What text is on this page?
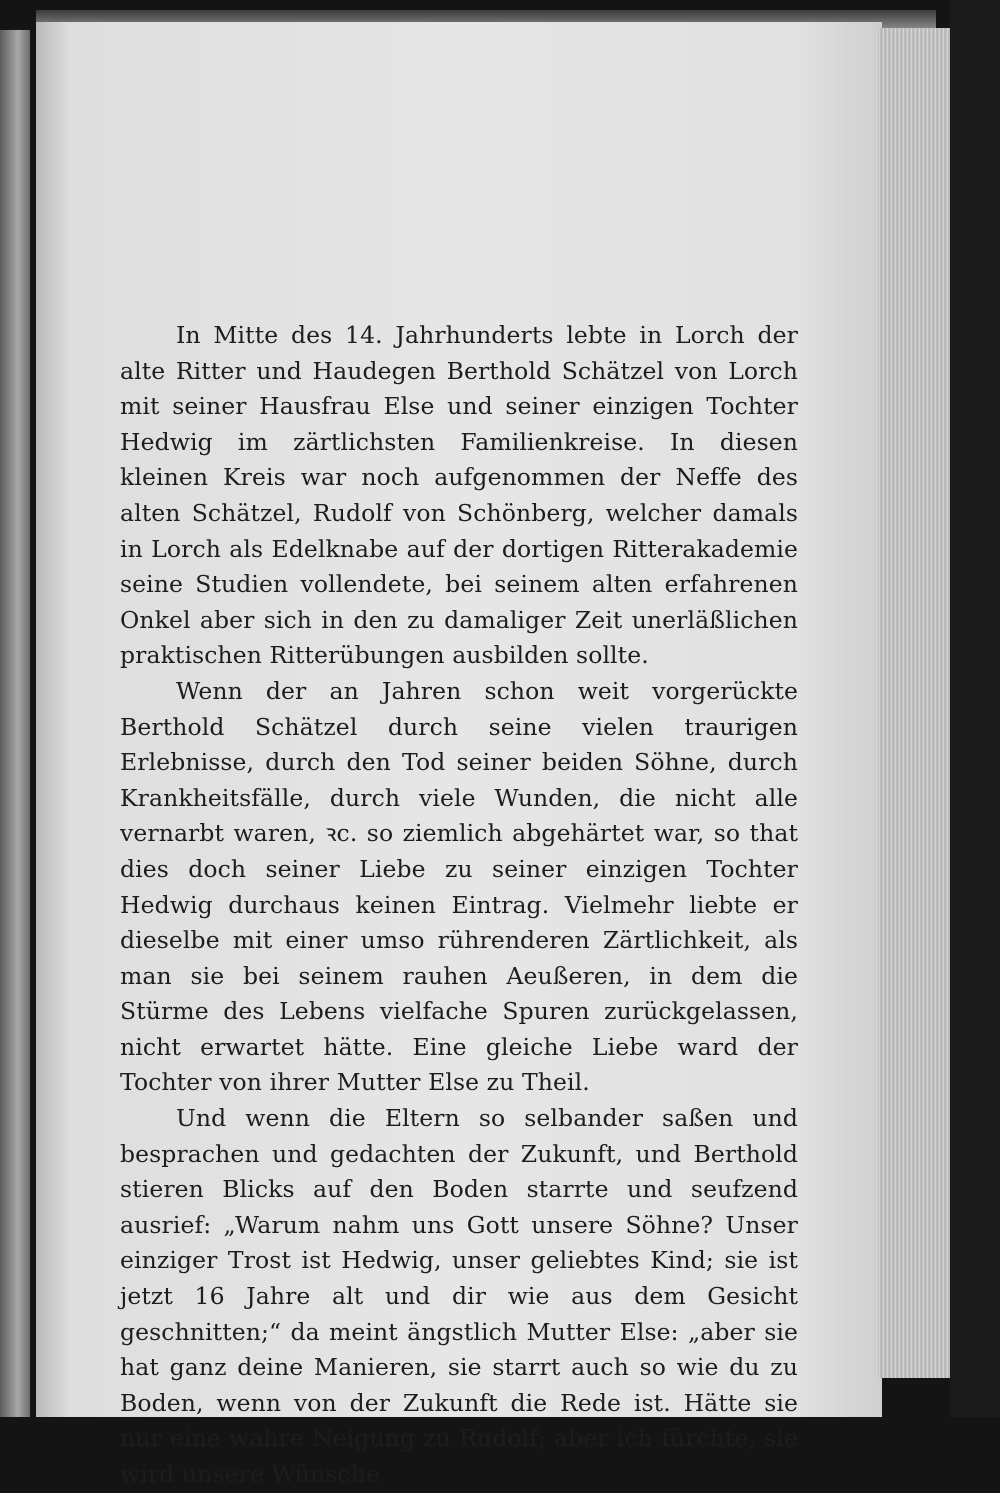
In Mitte des 14. Jahrhunderts lebte in Lorch der alte Ritter und Haudegen Berthold Schätzel von Lorch mit seiner Hausfrau Else und seiner einzigen Tochter Hedwig im zärtlichsten Familienkreise. In diesen kleinen Kreis war noch aufgenommen der Neffe des alten Schätzel, Rudolf von Schönberg, welcher damals in Lorch als Edelknabe auf der dortigen Ritterakademie seine Studien vollendete, bei seinem alten erfahrenen Onkel aber sich in den zu damaliger Zeit unerläßlichen praktischen Ritterübungen ausbilden sollte.

Wenn der an Jahren schon weit vorgerückte Berthold Schätzel durch seine vielen traurigen Erlebnisse, durch den Tod seiner beiden Söhne, durch Krankheitsfälle, durch viele Wunden, die nicht alle vernarbt waren, ꝛc. so ziemlich abgehärtet war, so that dies doch seiner Liebe zu seiner einzigen Tochter Hedwig durchaus keinen Eintrag. Vielmehr liebte er dieselbe mit einer umso rührenderen Zärtlichkeit, als man sie bei seinem rauhen Aeußeren, in dem die Stürme des Lebens vielfache Spuren zurückgelassen, nicht erwartet hätte. Eine gleiche Liebe ward der Tochter von ihrer Mutter Else zu Theil.

Und wenn die Eltern so selbander saßen und besprachen und gedachten der Zukunft, und Berthold stieren Blicks auf den Boden starrte und seufzend ausrief: „Warum nahm uns Gott unsere Söhne? Unser einziger Trost ist Hedwig, unser geliebtes Kind; sie ist jetzt 16 Jahre alt und dir wie aus dem Gesicht geschnitten;“ da meint ängstlich Mutter Else: „aber sie hat ganz deine Manieren, sie starrt auch so wie du zu Boden, wenn von der Zukunft die Rede ist. Hätte sie nur eine wahre Neigung zu Rudolf; aber ich fürchte, sie wird unsere Wünsche
